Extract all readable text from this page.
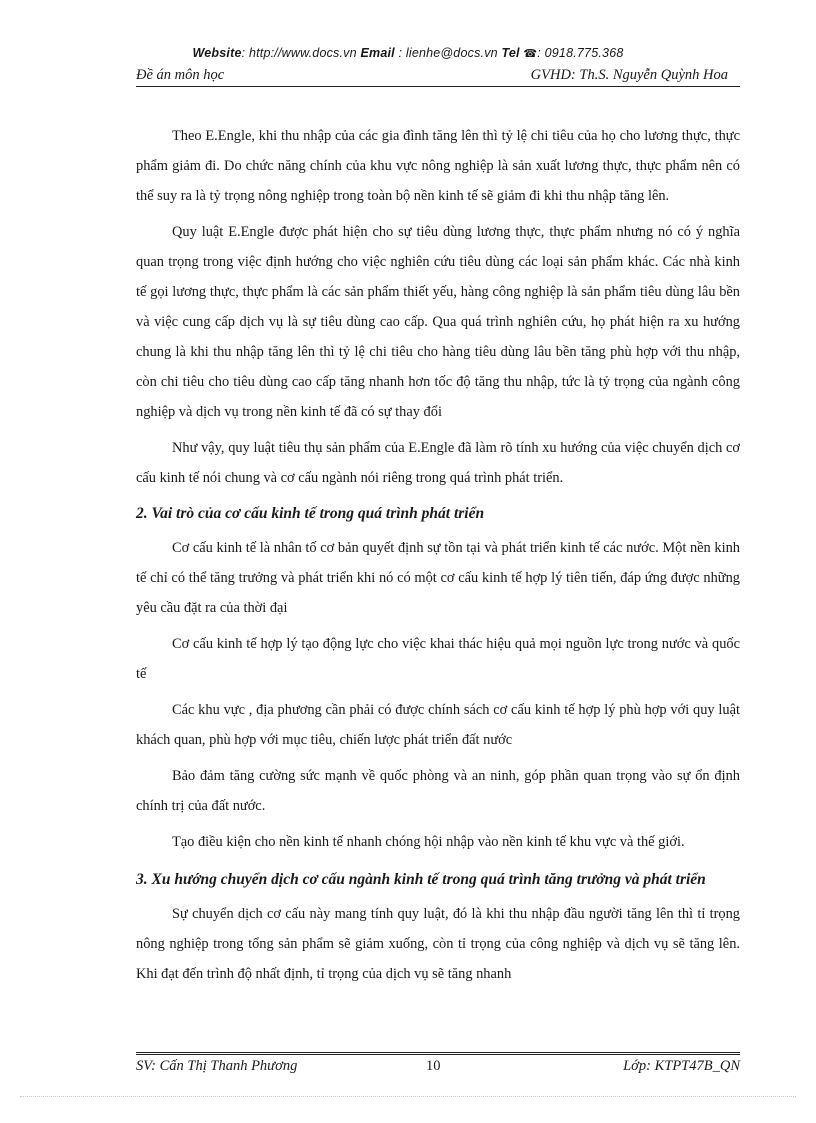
Website: http://www.docs.vn Email : lienhe@docs.vn Tel ☎: 0918.775.368
Đề án môn học	GVHD: Th.S. Nguyễn Quỳnh Hoa

Theo E.Engle, khi thu nhập của các gia đình tăng lên thì tỷ lệ chi tiêu của họ cho lương thực, thực phẩm giảm đi. Do chức năng chính của khu vực nông nghiệp là sản xuất lương thực, thực phẩm nên có thể suy ra là tỷ trọng nông nghiệp trong toàn bộ nền kinh tế sẽ giảm đi khi thu nhập tăng lên.

Quy luật E.Engle được phát hiện cho sự tiêu dùng lương thực, thực phẩm nhưng nó có ý nghĩa quan trọng trong việc định hướng cho việc nghiên cứu tiêu dùng các loại sản phẩm khác. Các nhà kinh tế gọi lương thực, thực phẩm là các sản phẩm thiết yếu, hàng công nghiệp là sản phẩm tiêu dùng lâu bền và việc cung cấp dịch vụ là sự tiêu dùng cao cấp. Qua quá trình nghiên cứu, họ phát hiện ra xu hướng chung là khi thu nhập tăng lên thì tỷ lệ chi tiêu cho hàng tiêu dùng lâu bền tăng phù hợp với thu nhập, còn chi tiêu cho tiêu dùng cao cấp tăng nhanh hơn tốc độ tăng thu nhập, tức là tỷ trọng của ngành công nghiệp và dịch vụ trong nền kinh tế đã có sự thay đổi

Như vậy, quy luật tiêu thụ sản phẩm của E.Engle đã làm rõ tính xu hướng của việc chuyển dịch cơ cấu kinh tế nói chung và cơ cấu ngành nói riêng trong quá trình phát triển.

2. Vai trò của cơ cấu kinh tế trong quá trình phát triển

Cơ cấu kinh tế là nhân tố cơ bản quyết định sự tồn tại và phát triển kinh tế các nước. Một nền kinh tế chỉ có thể tăng trưởng và phát triển khi nó có một cơ cấu kinh tế hợp lý tiên tiến, đáp ứng được những yêu cầu đặt ra của thời đại

Cơ cấu kinh tế hợp lý tạo động lực cho việc khai thác hiệu quả mọi nguồn lực trong nước và quốc tế

Các khu vực , địa phương cần phải có được chính sách cơ cấu kinh tế hợp lý phù hợp với quy luật khách quan, phù hợp với mục tiêu, chiến lược phát triển đất nước

Bảo đảm tăng cường sức mạnh về quốc phòng và an ninh, góp phần quan trọng vào sự ổn định chính trị của đất nước.

Tạo điều kiện cho nền kinh tế nhanh chóng hội nhập vào nền kinh tế khu vực và thế giới.

3. Xu hướng chuyển dịch cơ cấu ngành kinh tế trong quá trình tăng trưởng và phát triển

Sự chuyển dịch cơ cấu này mang tính quy luật, đó là khi thu nhập đầu người tăng lên thì tỉ trọng nông nghiệp trong tổng sản phẩm sẽ giảm xuống, còn tỉ trọng của công nghiệp và dịch vụ sẽ tăng lên. Khi đạt đến trình độ nhất định, tỉ trọng của dịch vụ sẽ tăng nhanh

SV: Cấn Thị Thanh Phương	10	Lớp: KTPT47B_QN
